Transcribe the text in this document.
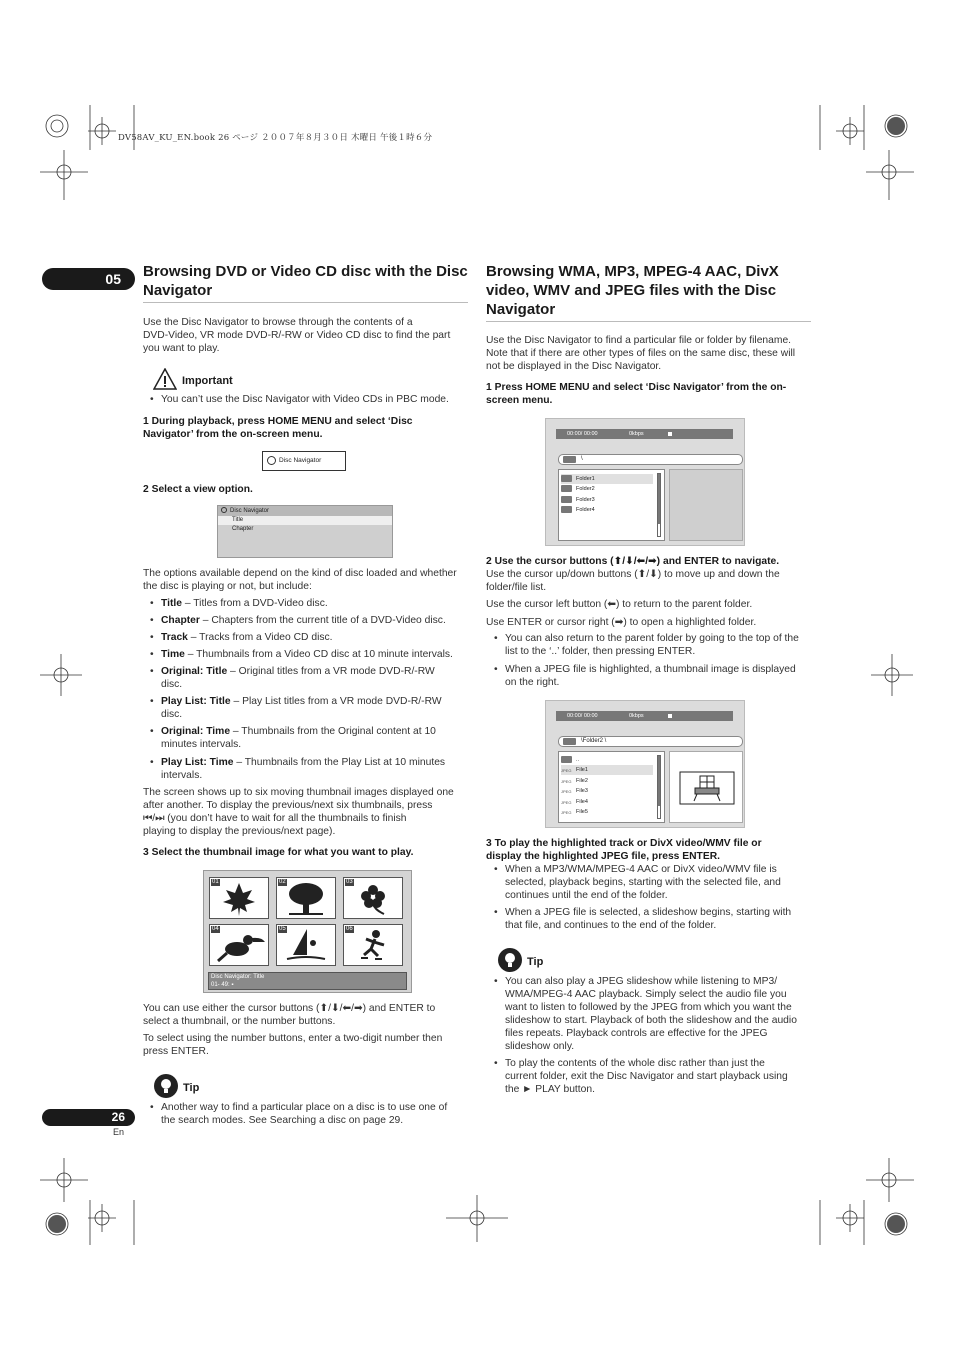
DV58AV_KU_EN.book 26 ページ ２００７年８月３０日 木曜日 午後１時６分
05	Browsing DVD or Video CD disc with the Disc
Navigator

Use the Disc Navigator to browse through the contents of a

DVD-Video, VR mode DVD-R/-RW or Video CD disc to find the part

you want to play.

Important
• You can’t use the Disc Navigator with Video CDs in PBC mode.

1 During playback, press HOME MENU and select ‘Disc

Navigator’ from the on-screen menu.

Disc Navigator
2 Select a view option.
Disc Navigator
Title
Chapter

The options available depend on the kind of disc loaded and whether

the disc is playing or not, but include:

• Title – Titles from a DVD-Video disc.

• Chapter – Chapters from the current title of a DVD-Video disc.

• Track – Tracks from a Video CD disc.

• Time – Thumbnails from a Video CD disc at 10 minute intervals.

• Original: Title – Original titles from a VR mode DVD-R/-RW

disc.

• Play List: Title – Play List titles from a VR mode DVD-R/-RW

disc.

• Original: Time – Thumbnails from the Original content at 10

minutes intervals.

• Play List: Time – Thumbnails from the Play List at 10 minutes

intervals.

The screen shows up to six moving thumbnail images displayed one

after another. To display the previous/next six thumbnails, press

⏮/⏭ (you don’t have to wait for all the thumbnails to finish

playing to display the previous/next page).

3 Select the thumbnail image for what you want to play.
01	02	03
04	05	06
Disc Navigator: Title
01- 49: ▪

You can use either the cursor buttons (⬆/⬇/⬅/➡) and ENTER to

select a thumbnail, or the number buttons.

To select using the number buttons, enter a two-digit number then

press ENTER.

Tip

• Another way to find a particular place on a disc is to use one of

the search modes. See Searching a disc on page 29.

26
En
Browsing WMA, MP3, MPEG-4 AAC, DivX
video, WMV and JPEG files with the Disc
Navigator

Use the Disc Navigator to find a particular file or folder by filename.

Note that if there are other types of files on the same disc, these will

not be displayed in the Disc Navigator.

1 Press HOME MENU and select ‘Disc Navigator’ from the on-

screen menu.

00:00/ 00:00	0kbps
\
Folder1
Folder2
Folder3
Folder4
2 Use the cursor buttons (⬆/⬇/⬅/➡) and ENTER to navigate.

Use the cursor up/down buttons (⬆/⬇) to move up and down the

folder/file list.

Use the cursor left button (⬅) to return to the parent folder.
Use ENTER or cursor right (➡) to open a highlighted folder.

• You can also return to the parent folder by going to the top of the

list to the ‘..’ folder, then pressing ENTER.

• When a JPEG file is highlighted, a thumbnail image is displayed

on the right.

00:00/ 00:00	0kbps
\Folder2 \
..
JPEG File1
JPEG File2
JPEG File3
JPEG File4
JPEG File5

3 To play the highlighted track or DivX video/WMV file or

display the highlighted JPEG file, press ENTER.

• When a MP3/WMA/MPEG-4 AAC or DivX video/WMV file is

selected, playback begins, starting with the selected file, and

continues until the end of the folder.

• When a JPEG file is selected, a slideshow begins, starting with

that file, and continues to the end of the folder.

Tip

• You can also play a JPEG slideshow while listening to MP3/

WMA/MPEG-4 AAC playback. Simply select the audio file you

want to listen to followed by the JPEG from which you want the

slideshow to start. Playback of both the slideshow and the audio

files repeats. Playback controls are effective for the JPEG

slideshow only.

• To play the contents of the whole disc rather than just the

current folder, exit the Disc Navigator and start playback using

the ► PLAY button.
